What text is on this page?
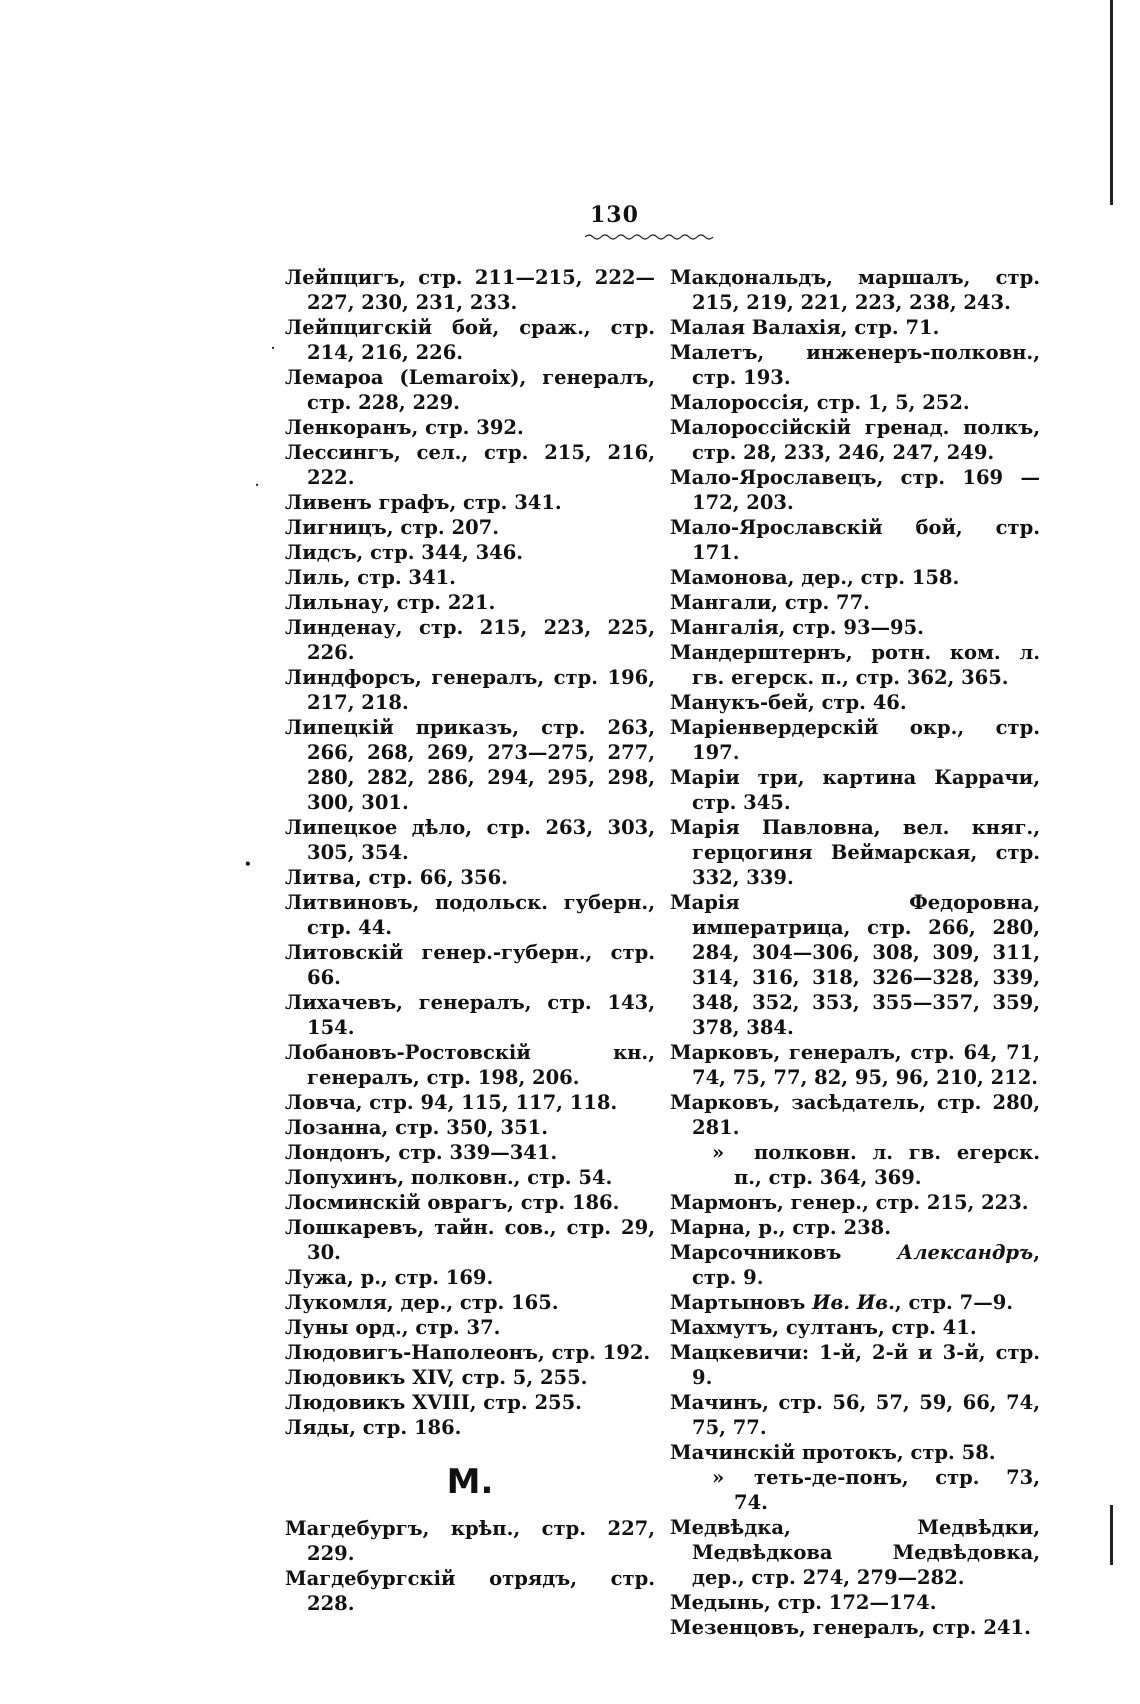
130
.
·
•
Лейпцигъ, стр. 211—215, 222—227, 230, 231, 233.
Лейпцигскій бой, сраж., стр. 214, 216, 226.
Лемароа (Lemaroix), генералъ, стр. 228, 229.
Ленкоранъ, стр. 392.
Лессингъ, сел., стр. 215, 216, 222.
Ливенъ графъ, стр. 341.
Лигницъ, стр. 207.
Лидсъ, стр. 344, 346.
Лиль, стр. 341.
Лильнау, стр. 221.
Линденау, стр. 215, 223, 225, 226.
Линдфорсъ, генералъ, стр. 196, 217, 218.
Липецкій приказъ, стр. 263, 266, 268, 269, 273—275, 277, 280, 282, 286, 294, 295, 298, 300, 301.
Липецкое дѣло, стр. 263, 303, 305, 354.
Литва, стр. 66, 356.
Литвиновъ, подольск. губерн., стр. 44.
Литовскій генер.-губерн., стр. 66.
Лихачевъ, генералъ, стр. 143, 154.
Лобановъ-Ростовскій кн., генералъ, стр. 198, 206.
Ловча, стр. 94, 115, 117, 118.
Лозанна, стр. 350, 351.
Лондонъ, стр. 339—341.
Лопухинъ, полковн., стр. 54.
Лосминскій оврагъ, стр. 186.
Лошкаревъ, тайн. сов., стр. 29, 30.
Лужа, р., стр. 169.
Лукомля, дер., стр. 165.
Луны орд., стр. 37.
Людовигъ-Наполеонъ, стр. 192.
Людовикъ XIV, стр. 5, 255.
Людовикъ XVIII, стр. 255.
Ляды, стр. 186.
М.
Магдебургъ, крѣп., стр. 227, 229.
Магдебургскій отрядъ, стр. 228.
Макдональдъ, маршалъ, стр. 215, 219, 221, 223, 238, 243.
Малая Валахія, стр. 71.
Малетъ, инженеръ-полковн., стр. 193.
Малороссія, стр. 1, 5, 252.
Малороссійскій гренад. полкъ, стр. 28, 233, 246, 247, 249.
Мало-Ярославецъ, стр. 169 — 172, 203.
Мало-Ярославскій бой, стр. 171.
Мамонова, дер., стр. 158.
Мангали, стр. 77.
Мангалія, стр. 93—95.
Мандерштернъ, ротн. ком. л. гв. егерск. п., стр. 362, 365.
Манукъ-бей, стр. 46.
Маріенвердерскій окр., стр. 197.
Маріи три, картина Каррачи, стр. 345.
Марія Павловна, вел. княг., герцогиня Веймарская, стр. 332, 339.
Марія Федоровна, императрица, стр. 266, 280, 284, 304—306, 308, 309, 311, 314, 316, 318, 326—328, 339, 348, 352, 353, 355—357, 359, 378, 384.
Марковъ, генералъ, стр. 64, 71, 74, 75, 77, 82, 95, 96, 210, 212.
Марковъ, засѣдатель, стр. 280, 281.
» полковн. л. гв. егерск. п., стр. 364, 369.
Мармонъ, генер., стр. 215, 223.
Марна, р., стр. 238.
Марсочниковъ Александръ, стр. 9.
Мартыновъ Ив. Ив., стр. 7—9.
Махмутъ, султанъ, стр. 41.
Мацкевичи: 1-й, 2-й и 3-й, стр. 9.
Мачинъ, стр. 56, 57, 59, 66, 74, 75, 77.
Мачинскій протокъ, стр. 58.
» теть-де-понъ, стр. 73, 74.
Медвѣдка, Медвѣдки, Медвѣдкова Медвѣдовка, дер., стр. 274, 279—282.
Медынь, стр. 172—174.
Мезенцовъ, генералъ, стр. 241.
